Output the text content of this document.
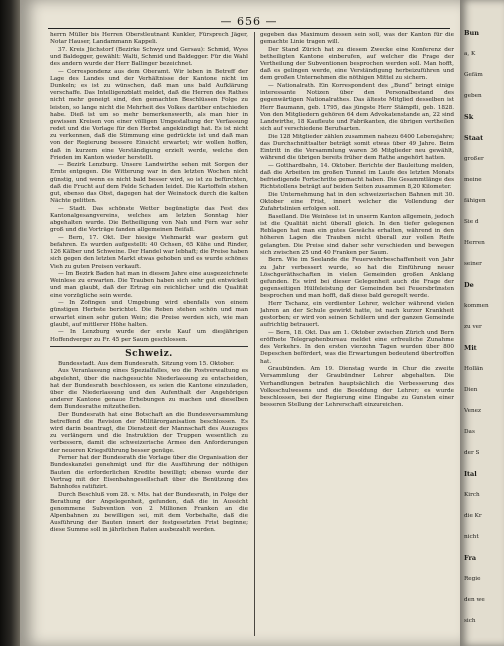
— 656 —

herrn Müller bis Herren Oberstleutnant Kunkler, Fürsprech Jäger, Notar Hauser, Landammann Kappeli.

37. Kreis Jüchstorf (Bezirke Schwyz und Gersau): Schmid, Wyss und Baldegger, gewählt: Walti, Schmid und Baldegger. Für die Wahl des andern wurde der Herr Ballinger bezeichnet.

— Correspondenz aus dem Oberamt. Wir leben in Betreff der Lage des Landes und der Verhältnisse der Kantone nicht im Dunkeln; es ist zu wünschen, daß man uns bald Aufklärung verschaffe. Das Intelligenzblatt meldet, daß die Herren des Rathes nicht mehr geneigt sind, den gemachten Beschlüssen Folge zu leisten, so lange nicht die Mehrheit des Volkes darüber entschieden habe. Dieß ist um so mehr bemerkenswerth, als man hier in gewissen Kreisen von einer völligen Umgestaltung der Verfassung redet und die Vorlage für den Herbst angekündigt hat. Es ist nicht zu verkennen, daß die Stimmung eine gedrückte ist und daß man von der Regierung bessere Einsicht erwartet; wir wollen hoffen, daß in kurzem eine Verständigung erzielt werde, welche den Frieden im Kanton wieder herstellt.

— Bezirk Lenzburg. Unsere Landwirthe sehen mit Sorgen der Ernte entgegen. Die Witterung war in den letzten Wochen nicht günstig, und wenn es nicht bald besser wird, so ist zu befürchten, daß die Frucht auf dem Felde Schaden leidet. Die Kartoffeln stehen gut, ebenso das Obst, dagegen hat der Weinstock durch die kalten Nächte gelitten.

— Stadt. Das schönste Wetter begünstigte das Fest des Kantonalgesangvereins, welches am letzten Sonntag hier abgehalten wurde. Die Betheiligung von Nah und Fern war sehr groß und die Vorträge fanden allgemeinen Beifall.

— Bern, 17. Okt. Der hiesige Viehmarkt war gestern gut befahren. Es wurden aufgestellt: 40 Ochsen, 65 Kühe und Rinder, 126 Kälber und Schweine. Der Handel war lebhaft; die Preise haben sich gegen den letzten Markt etwas gehoben und es wurde schönes Vieh zu guten Preisen verkauft.

— Im Bezirk Baden hat man in diesem Jahre eine ausgezeichnete Weinlese zu erwarten. Die Trauben haben sich sehr gut entwickelt und man glaubt, daß der Ertrag ein reichlicher und die Qualität eine vorzügliche sein werde.

— In Zofingen und Umgebung wird ebenfalls von einem günstigen Herbste berichtet. Die Reben stehen schön und man erwartet einen sehr guten Wein; die Preise werden sich, wie man glaubt, auf mittlerer Höhe halten.

— In Lenzburg wurde der erste Kauf um diesjährigen Hoffendverger zu Fr. 45 per Saum geschlossen.

Schweiz.

Bundesstadt. Aus dem Bundesrath. Sitzung vom 15. Oktober.

Aus Veranlassung eines Spezialfalles, wo die Postverwaltung es abgelehnt, über die nachgesuchte Niederlassung zu entscheiden, hat der Bundesrath beschlossen, es seien die Kantone einzuladen, über die Niederlassung und den Aufenthalt der Angehörigen anderer Kantone genaue Erhebungen zu machen und dieselben dem Bundesrathe mitzutheilen.

Der Bundesrath hat eine Botschaft an die Bundesversammlung betreffend die Revision der Militärorganisation beschlossen. Es wird darin beantragt, die Dienstzeit der Mannschaft des Auszuges zu verlängern und die Instruktion der Truppen wesentlich zu verbessern, damit die schweizerische Armee den Anforderungen der neueren Kriegsführung besser genüge.

Ferner hat der Bundesrath die Vorlage über die Organisation der Bundeskanzlei genehmigt und für die Ausführung der nöthigen Bauten die erforderlichen Kredite bewilligt; ebenso wurde der Vertrag mit der Eisenbahngesellschaft über die Benützung des Bahnhofes ratifizirt.

Durch Beschluß vom 28. v. Mts. hat der Bundesrath, in Folge der Berathung der Angelegenheit, gefunden, daß die in Aussicht genommene Subvention von 2 Millionen Franken an die Alpenbahnen zu bewilligen sei, mit dem Vorbehalte, daß die Ausführung der Bauten innert der festgesetzten Frist beginne; diese Summe soll in jährlichen Raten ausbezahlt werden.

gegeben das Maximum dessen sein soll, was der Kanton für die gemachte Linie tragen will.

Der Stand Zürich hat zu diesem Zwecke eine Konferenz der betheiligten Kantone einberufen, auf welcher die Frage der Vertheilung der Subventionen besprochen werden soll. Man hofft, daß es gelingen werde, eine Verständigung herbeizuführen und dem großen Unternehmen die nöthigen Mittel zu sichern.

— Nationalrath. Ein Korrespondent des „Bund“ bringt einige interessante Notizen über den Personalbestand des gegenwärtigen Nationalrathes. Das älteste Mitglied desselben ist Herr Baumann, geb. 1795, das jüngste Herr Stämpfli, geb. 1828. Von den Mitgliedern gehören 64 dem Advokatenstande an, 22 sind Landwirthe, 18 Kaufleute und Fabrikanten, die übrigen vertheilen sich auf verschiedene Berufsarten.

Die 128 Mitglieder zählen zusammen nahezu 6400 Lebensjahre; das Durchschnittsalter beträgt somit etwas über 49 Jahre. Beim Eintritt in die Versammlung waren 36 Mitglieder neu gewählt, während die übrigen bereits früher dem Rathe angehört hatten.

— Gotthardbahn, 14. Oktober. Berichte der Bauleitung melden, daß die Arbeiten im großen Tunnel im Laufe des letzten Monats befriedigende Fortschritte gemacht haben. Die Gesammtlänge des Richtstollens beträgt auf beiden Seiten zusammen 8,20 Kilometer.

Die Unternehmung hat in den schweizerischen Bahnen mit 30. Oktober eine Frist, innert welcher die Vollendung der Zufahrtslinien erfolgen soll.

Baselland. Die Weinlese ist in unserm Kanton allgemein, jedoch ist die Qualität nicht überall gleich. In den tiefer gelegenen Reblagen hat man ein gutes Gewächs erhalten, während in den höheren Lagen die Trauben nicht überall zur vollen Reife gelangten. Die Preise sind daher sehr verschieden und bewegen sich zwischen 25 und 40 Franken per Saum.

Bern. Wie im Seelande die Feuerwehrbeschaffenheit von Jahr zu Jahr verbessert wurde, so hat die Einführung neuer Löschgeräthschaften in vielen Gemeinden großen Anklang gefunden. Es wird bei dieser Gelegenheit auch die Frage der gegenseitigen Hülfeleistung der Gemeinden bei Feuersbrünsten besprochen und man hofft, daß diese bald geregelt werde.

Herr Tschanz, ein verdienter Lehrer, welcher während vielen Jahren an der Schule gewirkt hatte, ist nach kurzer Krankheit gestorben; er wird von seinen Schülern und der ganzen Gemeinde aufrichtig betrauert.

— Bern, 18. Okt. Das am 1. Oktober zwischen Zürich und Bern eröffnete Telegraphenbureau meldet eine erfreuliche Zunahme des Verkehrs. In den ersten vierzehn Tagen wurden über 800 Depeschen befördert, was die Erwartungen bedeutend übertroffen hat.

Graubünden. Am 19. Dienstag wurde in Chur die zweite Versammlung der Graubündner Lehrer abgehalten. Die Verhandlungen betrafen hauptsächlich die Verbesserung des Volksschulwesens und die Besoldung der Lehrer; es wurde beschlossen, bei der Regierung eine Eingabe zu Gunsten einer besseren Stellung der Lehrerschaft einzureichen.

Bun
a, K
Gefäm
geben
Sk
Staat
großer
meine
fähigen
Sie d
Herren
seiner
De
kommen
zu ver
Mit
Hollän
Dien
Venez
Das
der S
Ital
Kirch
die Kr
nicht
Fra
Regie
den we
sich
